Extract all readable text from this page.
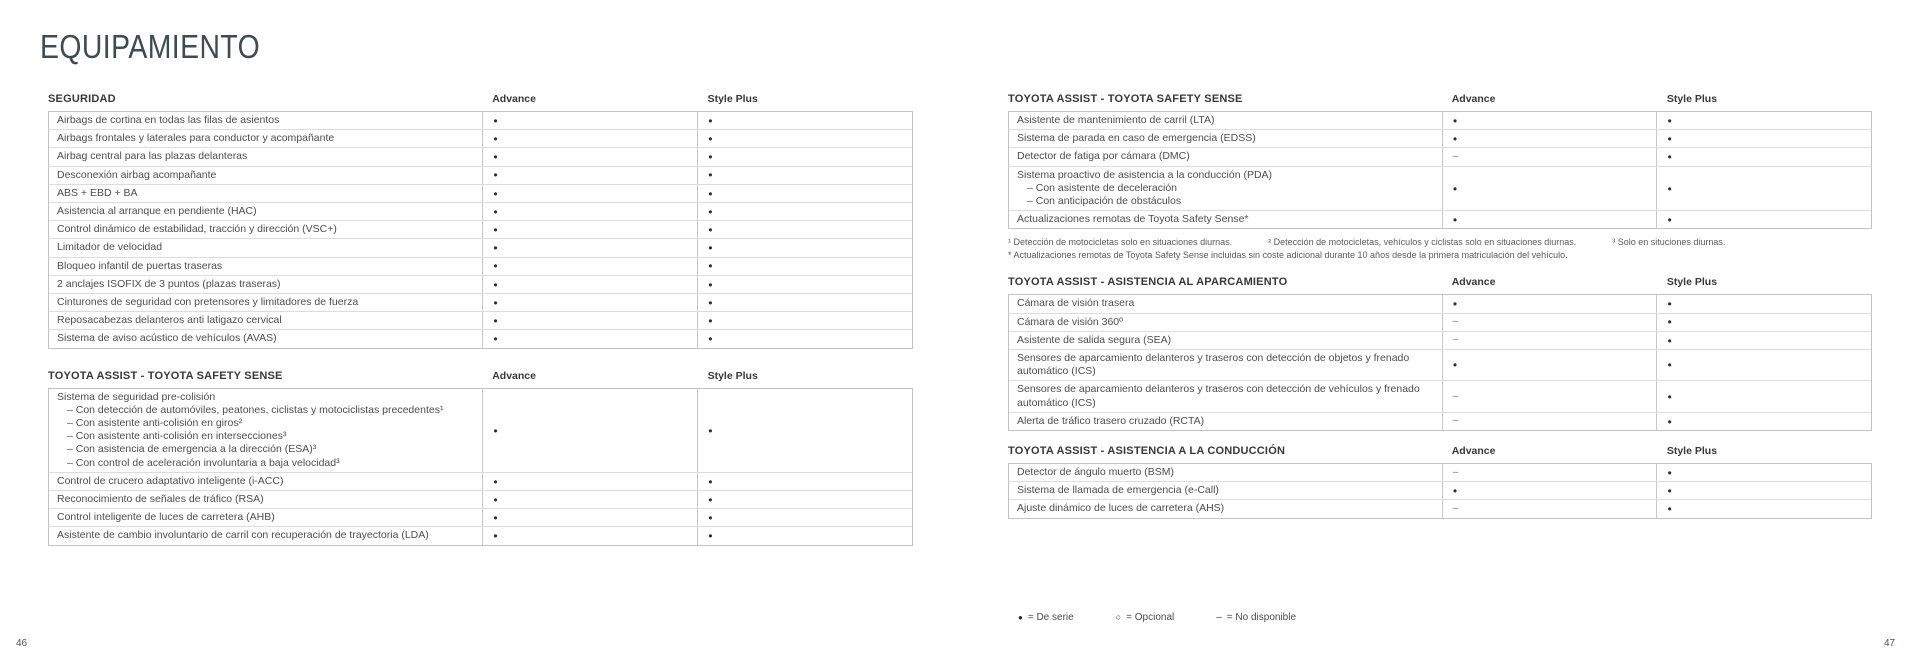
EQUIPAMIENTO
SEGURIDAD	Advance	Style Plus
Airbags de cortina en todas las filas de asientos	●	●
Airbags frontales y laterales para conductor y acompañante	●	●
Airbag central para las plazas delanteras	●	●
Desconexión airbag acompañante	●	●
ABS + EBD + BA	●	●
Asistencia al arranque en pendiente (HAC)	●	●
Control dinámico de estabilidad, tracción y dirección (VSC+)	●	●
Limitador de velocidad	●	●
Bloqueo infantil de puertas traseras	●	●
2 anclajes ISOFIX de 3 puntos (plazas traseras)	●	●
Cinturones de seguridad con pretensores y limitadores de fuerza	●	●
Reposacabezas delanteros anti latigazo cervical	●	●
Sistema de aviso acústico de vehículos (AVAS)	●	●
TOYOTA ASSIST - TOYOTA SAFETY SENSE	Advance	Style Plus
Sistema de seguridad pre-colisión
– Con detección de automóviles, peatones, ciclistas y motociclistas precedentes¹
– Con asistente anti-colisión en giros²
– Con asistente anti-colisión en intersecciones³
– Con asistencia de emergencia a la dirección (ESA)³
– Con control de aceleración involuntaria a baja velocidad³
●	●
Control de crucero adaptativo inteligente (i-ACC)	●	●
Reconocimiento de señales de tráfico (RSA)	●	●
Control inteligente de luces de carretera (AHB)	●	●
Asistente de cambio involuntario de carril con recuperación de trayectoria (LDA)	●	●
TOYOTA ASSIST - TOYOTA SAFETY SENSE	Advance	Style Plus
Asistente de mantenimiento de carril (LTA)	●	●
Sistema de parada en caso de emergencia (EDSS)	●	●
Detector de fatiga por cámara (DMC)	–	●
Sistema proactivo de asistencia a la conducción (PDA)
– Con asistente de deceleración
– Con anticipación de obstáculos
●	●
Actualizaciones remotas de Toyota Safety Sense*	●	●
¹ Detección de motocicletas solo en situaciones diurnas.	² Detección de motocicletas, vehículos y ciclistas solo en situaciones diurnas.	³ Solo en situciones diurnas.
* Actualizaciones remotas de Toyota Safety Sense incluidas sin coste adicional durante 10 años desde la primera matriculación del vehículo.
TOYOTA ASSIST - ASISTENCIA AL APARCAMIENTO	Advance	Style Plus
Cámara de visión trasera	●	●
Cámara de visión 360º	–	●
Asistente de salida segura (SEA)	–	●
Sensores de aparcamiento delanteros y traseros con detección de objetos y frenado automático (ICS)
●	●
Sensores de aparcamiento delanteros y traseros con detección de vehículos y frenado automático (ICS)
–	●
Alerta de tráfico trasero cruzado (RCTA)	–	●
TOYOTA ASSIST - ASISTENCIA A LA CONDUCCIÓN	Advance	Style Plus
Detector de ángulo muerto (BSM)	–	●
Sistema de llamada de emergencia (e-Call)	●	●
Ajuste dinámico de luces de carretera (AHS)	–	●
● = De serie	○ = Opcional	– = No disponible
46	47
